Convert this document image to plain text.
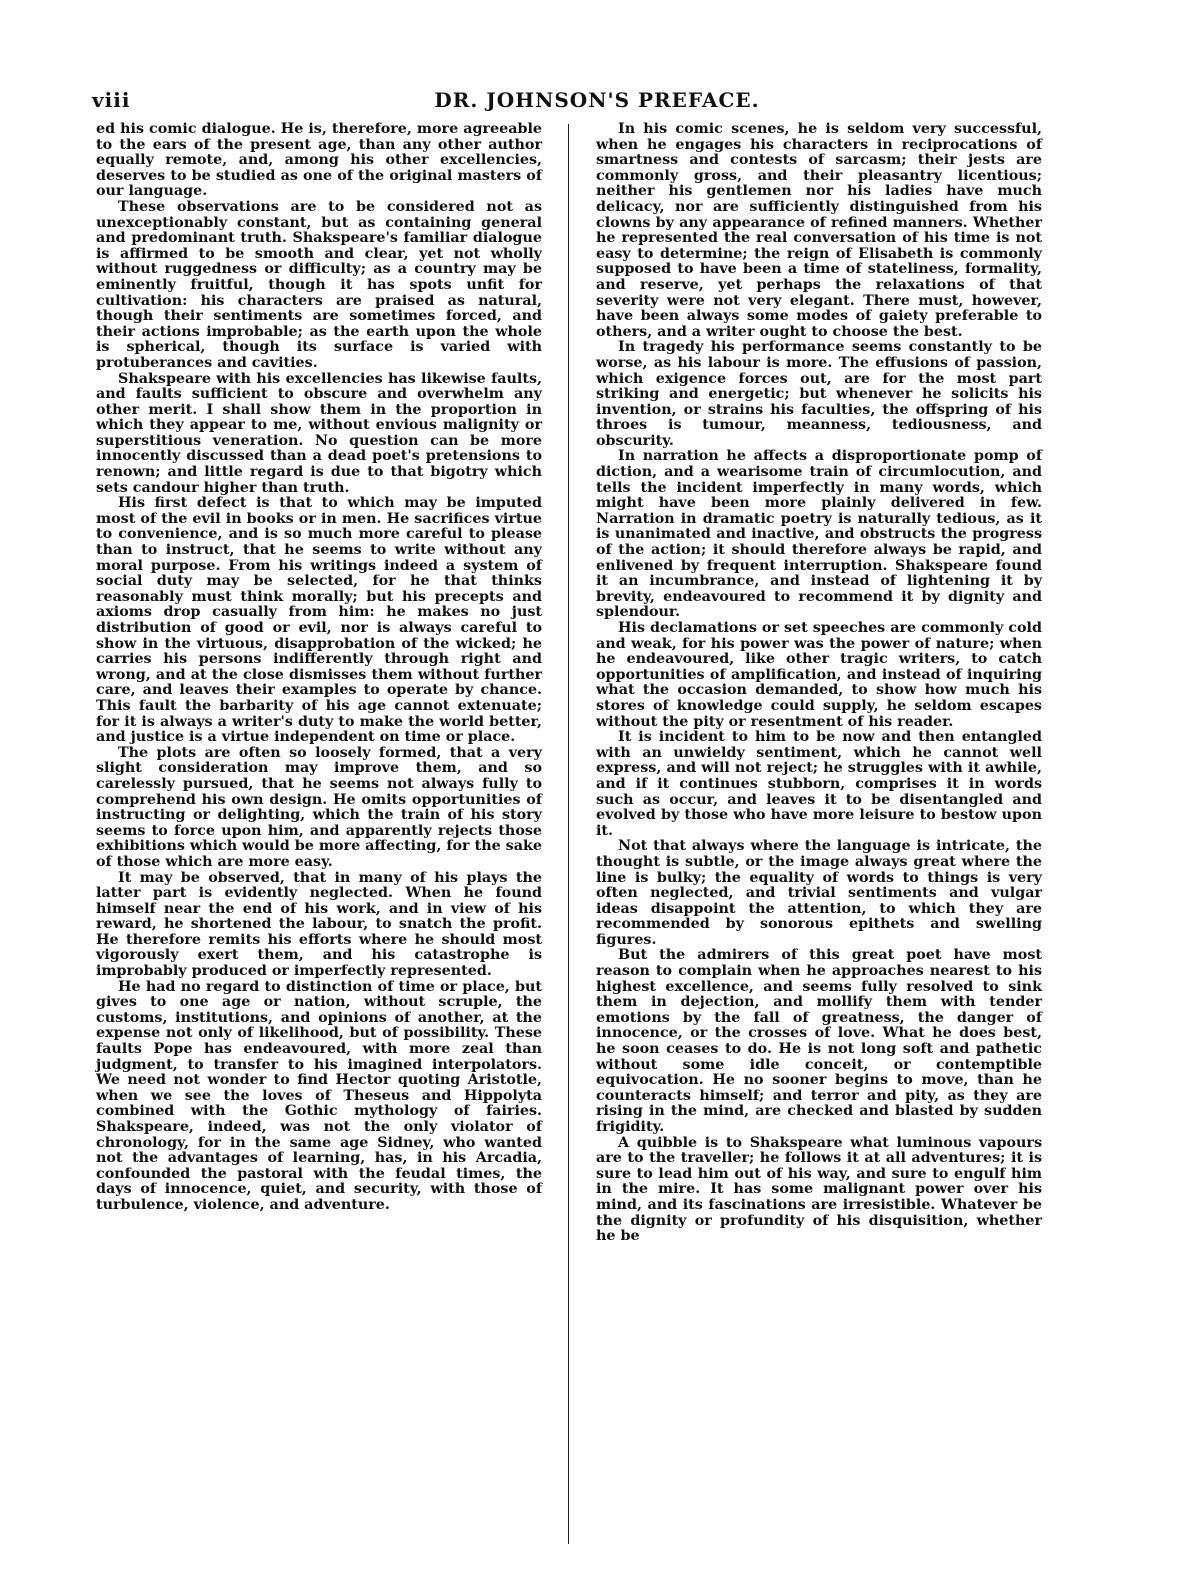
viii	DR. JOHNSON'S PREFACE.

ed his comic dialogue. He is, therefore, more agreeable to the ears of the present age, than any other author equally remote, and, among his other excellencies, deserves to be studied as one of the original masters of our language.

These observations are to be considered not as unexceptionably constant, but as containing general and predominant truth. Shakspeare's familiar dialogue is affirmed to be smooth and clear, yet not wholly without ruggedness or difficulty; as a country may be eminently fruitful, though it has spots unfit for cultivation: his characters are praised as natural, though their sentiments are sometimes forced, and their actions improbable; as the earth upon the whole is spherical, though its surface is varied with protuberances and cavities.

Shakspeare with his excellencies has likewise faults, and faults sufficient to obscure and overwhelm any other merit. I shall show them in the proportion in which they appear to me, without envious malignity or superstitious veneration. No question can be more innocently discussed than a dead poet's pretensions to renown; and little regard is due to that bigotry which sets candour higher than truth.

His first defect is that to which may be imputed most of the evil in books or in men. He sacrifices virtue to convenience, and is so much more careful to please than to instruct, that he seems to write without any moral purpose. From his writings indeed a system of social duty may be selected, for he that thinks reasonably must think morally; but his precepts and axioms drop casually from him: he makes no just distribution of good or evil, nor is always careful to show in the virtuous, disapprobation of the wicked; he carries his persons indifferently through right and wrong, and at the close dismisses them without further care, and leaves their examples to operate by chance. This fault the barbarity of his age cannot extenuate; for it is always a writer's duty to make the world better, and justice is a virtue independent on time or place.

The plots are often so loosely formed, that a very slight consideration may improve them, and so carelessly pursued, that he seems not always fully to comprehend his own design. He omits opportunities of instructing or delighting, which the train of his story seems to force upon him, and apparently rejects those exhibitions which would be more affecting, for the sake of those which are more easy.

It may be observed, that in many of his plays the latter part is evidently neglected. When he found himself near the end of his work, and in view of his reward, he shortened the labour, to snatch the profit. He therefore remits his efforts where he should most vigorously exert them, and his catastrophe is improbably produced or imperfectly represented.

He had no regard to distinction of time or place, but gives to one age or nation, without scruple, the customs, institutions, and opinions of another, at the expense not only of likelihood, but of possibility. These faults Pope has endeavoured, with more zeal than judgment, to transfer to his imagined interpolators. We need not wonder to find Hector quoting Aristotle, when we see the loves of Theseus and Hippolyta combined with the Gothic mythology of fairies. Shakspeare, indeed, was not the only violator of chronology, for in the same age Sidney, who wanted not the advantages of learning, has, in his Arcadia, confounded the pastoral with the feudal times, the days of innocence, quiet, and security, with those of turbulence, violence, and adventure.

In his comic scenes, he is seldom very successful, when he engages his characters in reciprocations of smartness and contests of sarcasm; their jests are commonly gross, and their pleasantry licentious; neither his gentlemen nor his ladies have much delicacy, nor are sufficiently distinguished from his clowns by any appearance of refined manners. Whether he represented the real conversation of his time is not easy to determine; the reign of Elisabeth is commonly supposed to have been a time of stateliness, formality, and reserve, yet perhaps the relaxations of that severity were not very elegant. There must, however, have been always some modes of gaiety preferable to others, and a writer ought to choose the best.

In tragedy his performance seems constantly to be worse, as his labour is more. The effusions of passion, which exigence forces out, are for the most part striking and energetic; but whenever he solicits his invention, or strains his faculties, the offspring of his throes is tumour, meanness, tediousness, and obscurity.

In narration he affects a disproportionate pomp of diction, and a wearisome train of circumlocution, and tells the incident imperfectly in many words, which might have been more plainly delivered in few. Narration in dramatic poetry is naturally tedious, as it is unanimated and inactive, and obstructs the progress of the action; it should therefore always be rapid, and enlivened by frequent interruption. Shakspeare found it an incumbrance, and instead of lightening it by brevity, endeavoured to recommend it by dignity and splendour.

His declamations or set speeches are commonly cold and weak, for his power was the power of nature; when he endeavoured, like other tragic writers, to catch opportunities of amplification, and instead of inquiring what the occasion demanded, to show how much his stores of knowledge could supply, he seldom escapes without the pity or resentment of his reader.

It is incident to him to be now and then entangled with an unwieldy sentiment, which he cannot well express, and will not reject; he struggles with it awhile, and if it continues stubborn, comprises it in words such as occur, and leaves it to be disentangled and evolved by those who have more leisure to bestow upon it.

Not that always where the language is intricate, the thought is subtle, or the image always great where the line is bulky; the equality of words to things is very often neglected, and trivial sentiments and vulgar ideas disappoint the attention, to which they are recommended by sonorous epithets and swelling figures.

But the admirers of this great poet have most reason to complain when he approaches nearest to his highest excellence, and seems fully resolved to sink them in dejection, and mollify them with tender emotions by the fall of greatness, the danger of innocence, or the crosses of love. What he does best, he soon ceases to do. He is not long soft and pathetic without some idle conceit, or contemptible equivocation. He no sooner begins to move, than he counteracts himself; and terror and pity, as they are rising in the mind, are checked and blasted by sudden frigidity.

A quibble is to Shakspeare what luminous vapours are to the traveller; he follows it at all adventures; it is sure to lead him out of his way, and sure to engulf him in the mire. It has some malignant power over his mind, and its fascinations are irresistible. Whatever be the dignity or profundity of his disquisition, whether he be
